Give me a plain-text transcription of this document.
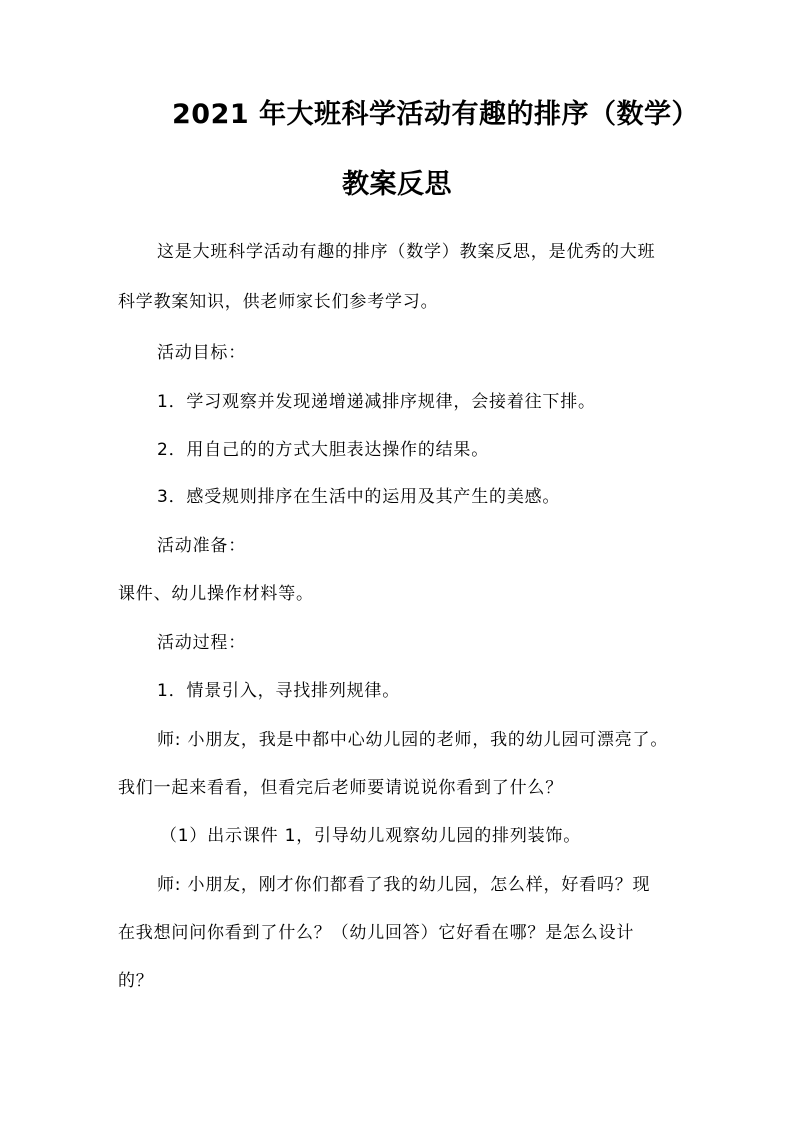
2021 年大班科学活动有趣的排序（数学）
教案反思
这是大班科学活动有趣的排序（数学）教案反思，是优秀的大班
科学教案知识，供老师家长们参考学习。
活动目标：
1．学习观察并发现递增递减排序规律，会接着往下排。
2．用自己的的方式大胆表达操作的结果。
3．感受规则排序在生活中的运用及其产生的美感。
活动准备：
课件、幼儿操作材料等。
活动过程：
1．情景引入，寻找排列规律。
师: 小朋友，我是中都中心幼儿园的老师，我的幼儿园可漂亮了。
我们一起来看看，但看完后老师要请说说你看到了什么？
（1）出示课件 1，引导幼儿观察幼儿园的排列装饰。
师: 小朋友，刚才你们都看了我的幼儿园，怎么样，好看吗？现
在我想问问你看到了什么？（幼儿回答）它好看在哪？是怎么设计
的？
